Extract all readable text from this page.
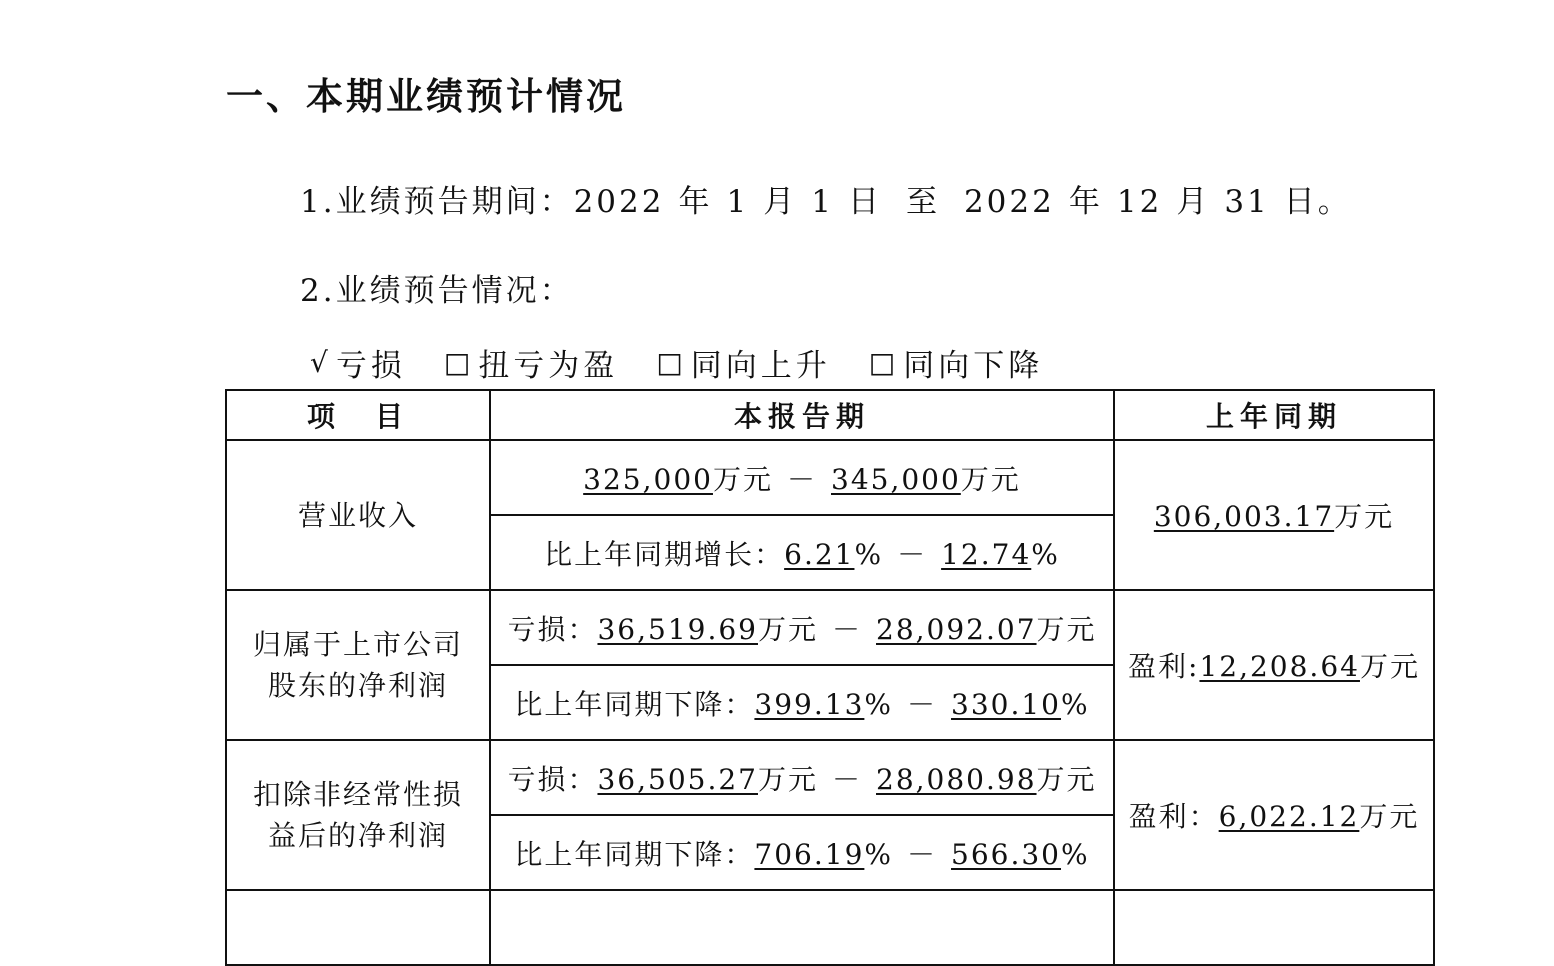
一、本期业绩预计情况
1.业绩预告期间：2022 年 1 月 1 日 至 2022 年 12 月 31 日。
2.业绩预告情况：
√ 亏损 □ 扭亏为盈 □ 同向上升 □ 同向下降
项　目	本报告期	上年同期
营业收入	325,000万元 － 345,000万元	306,003.17万元
	比上年同期增长：6.21% － 12.74%	

归属于上市公司
股东的净利润	亏损：36,519.69万元 － 28,092.07万元	盈利:12,208.64万元
	比上年同期下降：399.13% － 330.10%	

扣除非经常性损
益后的净利润	亏损：36,505.27万元 － 28,080.98万元	盈利：6,022.12万元
	比上年同期下降：706.19% － 566.30%	
